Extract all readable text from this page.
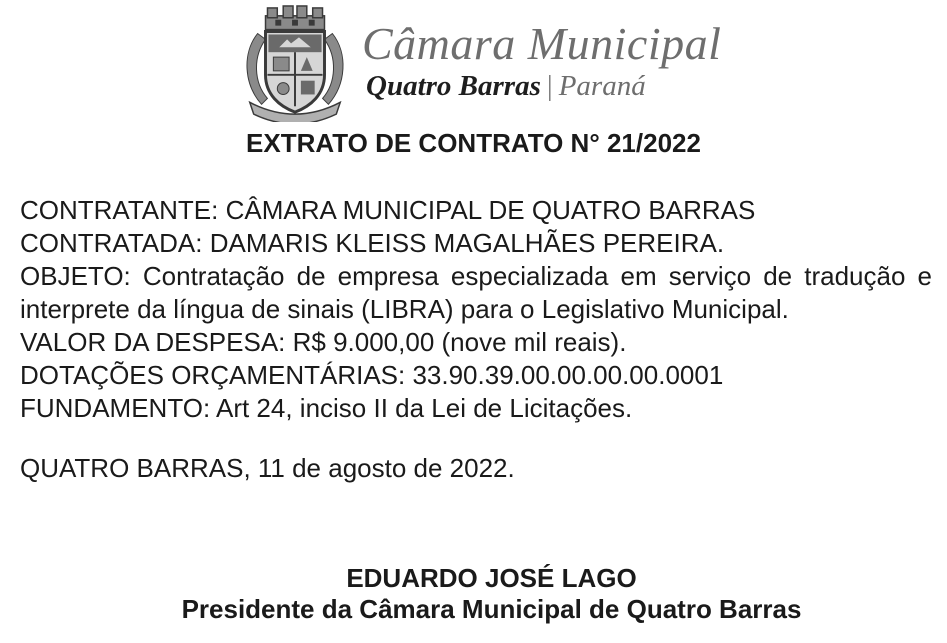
Câmara Municipal
Quatro Barras | Paraná
EXTRATO DE CONTRATO N° 21/2022
CONTRATANTE: CÂMARA MUNICIPAL DE QUATRO BARRAS
CONTRATADA: DAMARIS KLEISS MAGALHÃES PEREIRA.
OBJETO: Contratação de empresa especializada em serviço de tradução e interprete da língua de sinais (LIBRA) para o Legislativo Municipal.
VALOR DA DESPESA: R$ 9.000,00 (nove mil reais).
DOTAÇÕES ORÇAMENTÁRIAS: 33.90.39.00.00.00.00.0001
FUNDAMENTO: Art 24, inciso II da Lei de Licitações.
QUATRO BARRAS, 11 de agosto de 2022.
EDUARDO JOSÉ LAGO
Presidente da Câmara Municipal de Quatro Barras
